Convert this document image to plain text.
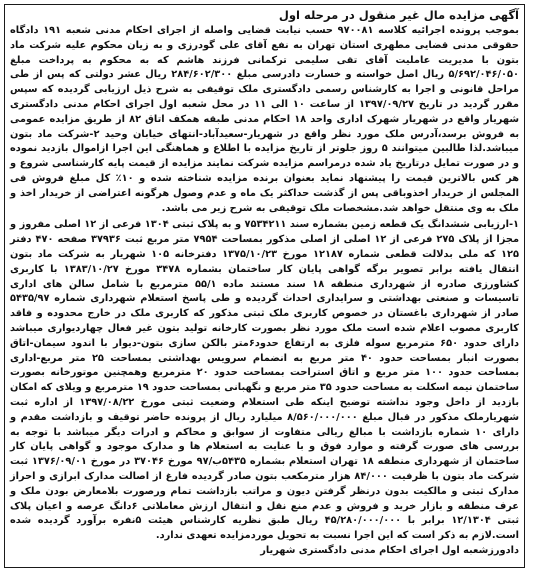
آگهی مزایده مال غیر منقول در مرحله اول

بموجب پرونده اجرائیه کلاسه ۹۷۰۰۸۱ حسب نیابت قضایی واصله از اجرای احکام مدنی شعبه ۱۹۱ دادگاه حقوقی مدنی قضایی مطهری استان تهران به نفع آقای علی گودرزی و به زیان محکوم علیه شرکت ماد بتون با مدیریت عاملیت آقای تقی سلیمی ترکمانی فرزند هاشم که به محکوم به پرداخت مبلغ ۵/۶۹۲/۰۴۶/۰۵۰ ریال اصل خواسته و خسارت دادرسی مبلغ ۲۸۴/۶۰۲/۳۰۰ ریال عشر دولتی که پس از طی مراحل قانونی و اجرا به کارشناس رسمی دادگستری ملک توقیفی به شرح ذیل ارزیابی گردیده که سپس مقرر گردید در تاریخ ۱۳۹۷/۰۹/۲۷ از ساعت ۱۰ الی ۱۱ در محل شعبه اول اجرای احکام مدنی دادگستری شهریار واقع در شهریار شهرک اداری واحد ۱۸ احکام مدنی طبقه همکف اتاق ۸۲ از طریق مزایده عمومی به فروش برسد،آدرس ملک مورد نظر واقع در شهریار-سعیدآباد-انتهای خیابان وحید ۲-شرکت ماد بتون میباشد.لذا طالبین میتوانند ۵ روز جلوتر از تاریخ مزایده با اطلاع و هماهنگی این اجرا ازاموال بازدید نموده و در صورت تمایل درتاریخ یاد شده درمراسم مزایده شرکت نمایند مزایده از قیمت پایه کارشناسی شروع و هر کس بالاترین قیمت را پیشنهاد نماید بعنوان برنده مزایده شناخته شده و ۱۰٪ کل مبلغ فروش فی المجلس از خریدار اخذوباقی پس از گذشت حداکثر یک ماه و عدم وصول هرگونه اعتراضی از خریدار اخذ و ملک به وی منتقل خواهد شد.مشخصات ملک توقیفی به شرح زیر می باشد.

۱-ارزیابی ششدانگ یک قطعه زمین بشماره سند ۷۵۳۴۲۱۱ و به پلاک ثبتی ۱۳۰۴ فرعی از ۱۲ اصلی مفروز و مجزا از پلاک ۲۷۵ فرعی از ۱۲ اصلی از اصلی مذکور بمساحت ۷۹۵۴ متر مربع ثبت ۳۷۹۳۶ صفحه ۴۷۰ دفتر ۱۲۵ که ملی بدلالت قطعی شماره ۱۲۱۸۷ مورخ ۱۳۷۵/۱۰/۲۳ دفترخانه ۱۰۵ شهریار به شرکت ماد بتون انتقال یافته برابر تصویر برگه گواهی پایان کار ساختمان بشماره ۳۴۷۸ مورخ ۱۳۸۳/۱۰/۲۷ با کاربری کشاورزی صادره از شهرداری منطقه ۱۸ سند مستند ماده ۵۵/۱ مترمربع با شامل سالن های اداری تاسیسات و صنعتی بهداشتی و سرایداری احداث گردیده و طی پاسخ استعلام شهرداری شماره ۵۴۳۵/۹۷ صادر از شهرداری باغستان در خصوص کاربری ملک ثبتی مذکور که کاربری ملک در خارج محدوده و فاقد کاربری مصوب اعلام شده است ملک مورد نظر بصورت کارخانه تولید بتون غیر فعال چهاردیواری میباشد دارای حدود ۶۵۰ مترمربع سوله فلزی به ارتفاع حدود۶متر بالکن سازی بتون-دیوار با اندود سیمان-اتاق بصورت انبار بمساحت حدود ۴۰ متر مربع به انضمام سرویس بهداشتی بمساحت ۲۵ متر مربع-اداری بمساحت حدود ۱۰۰ متر مربع و اتاق استراحت بمساحت حدود ۲۰ مترمربع وهمچنین موتورخانه بصورت ساختمان نیمه اسکلت به مساحت حدود ۳۵ متر مربع و نگهبانی بمساحت حدود ۱۹ مترمربع و ویلای که امکان بازدید از داخل وجود نداشته توضیح اینکه طی استعلام وضعیت ثبتی مورخ ۱۳۹۷/۰۸/۲۲ از اداره ثبت شهریارملک مذکور در قبال مبلغ ۸/۵۶۰/۰۰۰/۰۰۰ میلیارد ریال از پرونده حاضر توقیف و بازداشت مقدم و دارای ۱۰ شماره بازداشت با مبالغ ریالی متفاوت از سوابق و محاکم و ادرات دیگر میباشد با توجه به بررسی های صورت گرفته و موارد فوق و با عنایت به استعلام ها و مدارک موجود و گواهی پایان کار ساختمان از شهرداری منطقه ۱۸ تهران استعلام بشماره ۵۴۳۵ب/۹۷ مورخ ۳۷۰۴۶ در مورخ ۱۳۷۶/۰۹/۰۱ ثبت شرکت ماد بتون با ظرفیت ۸۴/۰۰۰ هزار مترمکعب بتون صادر گردیده فارغ از اصالت مدارک ابرازی و احراز مدارک ثبتی و مالکیت بدون درنظر گرفتن دیون و مراتب بازداشت تمام ورصورت بلامعارض بودن ملک و عرف منطقه و بازار خرید و فروش و عدم منع نقل و انتقال ارزش معاملاتی ۶دانگ عرصه و اعیان پلاک ثبتی ۱۲/۱۳۰۴ برابر با ۴۵/۲۸۰/۰۰۰/۰۰۰ ریال طبق نظریه کارشناس هیئت ۵نفره برآورد گردیده شده است.لازم به ذکر است که این اجرا نسبت به تحویل موردمزایده تعهدی ندارد.

دادورزشعبه اول اجرای احکام مدنی دادگستری شهریار
